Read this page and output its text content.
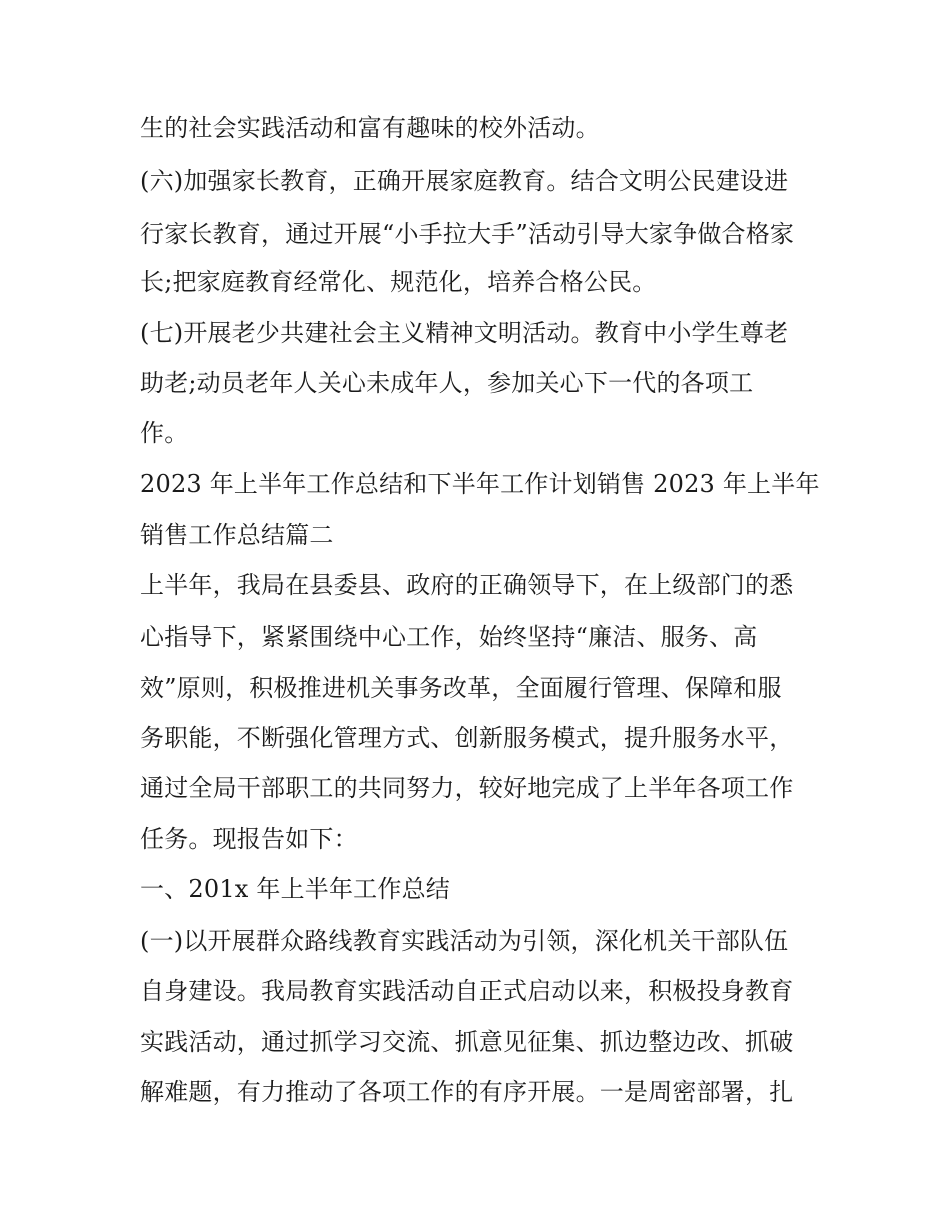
生的社会实践活动和富有趣味的校外活动。
(六)加强家长教育，正确开展家庭教育。结合文明公民建设进
行家长教育，通过开展“小手拉大手”活动引导大家争做合格家
长;把家庭教育经常化、规范化，培养合格公民。
(七)开展老少共建社会主义精神文明活动。教育中小学生尊老
助老;动员老年人关心未成年人，参加关心下一代的各项工
作。
2023 年上半年工作总结和下半年工作计划销售 2023 年上半年
销售工作总结篇二
上半年，我局在县委县、政府的正确领导下，在上级部门的悉
心指导下，紧紧围绕中心工作，始终坚持“廉洁、服务、高
效”原则，积极推进机关事务改革，全面履行管理、保障和服
务职能，不断强化管理方式、创新服务模式，提升服务水平，
通过全局干部职工的共同努力，较好地完成了上半年各项工作
任务。现报告如下：
一、201x 年上半年工作总结
(一)以开展群众路线教育实践活动为引领，深化机关干部队伍
自身建设。我局教育实践活动自正式启动以来，积极投身教育
实践活动，通过抓学习交流、抓意见征集、抓边整边改、抓破
解难题，有力推动了各项工作的有序开展。一是周密部署，扎
